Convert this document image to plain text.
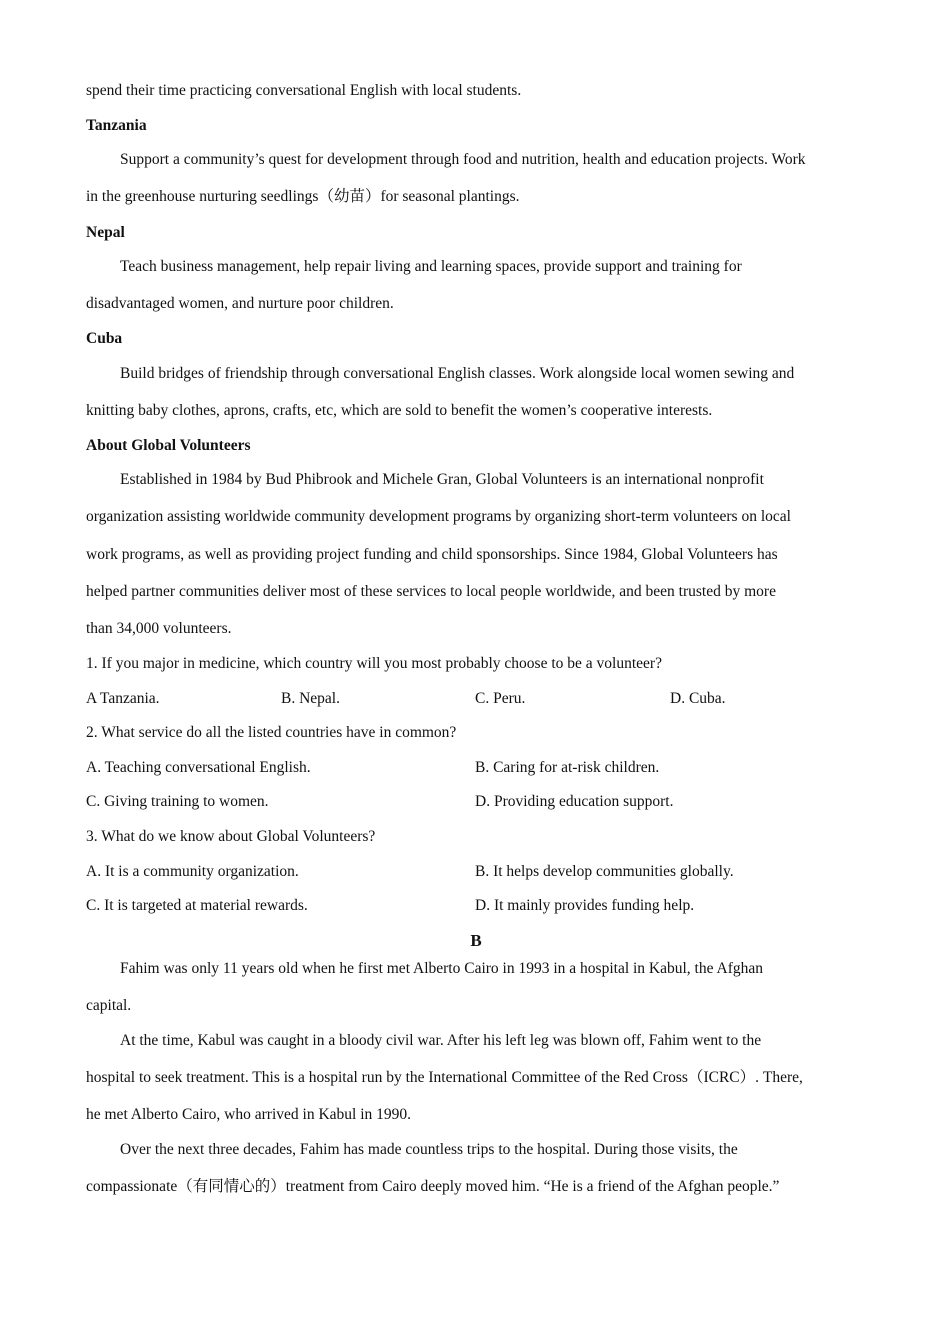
spend their time practicing conversational English with local students.
Tanzania
Support a community’s quest for development through food and nutrition, health and education projects. Work
in the greenhouse nurturing seedlings（幼苗）for seasonal plantings.
Nepal
Teach business management, help repair living and learning spaces, provide support and training for
disadvantaged women, and nurture poor children.
Cuba
Build bridges of friendship through conversational English classes. Work alongside local women sewing and
knitting baby clothes, aprons, crafts, etc, which are sold to benefit the women’s cooperative interests.
About Global Volunteers
Established in 1984 by Bud Phibrook and Michele Gran, Global Volunteers is an international nonprofit
organization assisting worldwide community development programs by organizing short-term volunteers on local
work programs, as well as providing project funding and child sponsorships. Since 1984, Global Volunteers has
helped partner communities deliver most of these services to local people worldwide, and been trusted by more
than 34,000 volunteers.
1. If you major in medicine, which country will you most probably choose to be a volunteer?
A Tanzania.	B. Nepal.	C. Peru.	D. Cuba.
2. What service do all the listed countries have in common?
A. Teaching conversational English.	B. Caring for at-risk children.
C. Giving training to women.	D. Providing education support.
3. What do we know about Global Volunteers?
A. It is a community organization.	B. It helps develop communities globally.
C. It is targeted at material rewards.	D. It mainly provides funding help.
B
Fahim was only 11 years old when he first met Alberto Cairo in 1993 in a hospital in Kabul, the Afghan
capital.
At the time, Kabul was caught in a bloody civil war. After his left leg was blown off, Fahim went to the
hospital to seek treatment. This is a hospital run by the International Committee of the Red Cross（ICRC）. There,
he met Alberto Cairo, who arrived in Kabul in 1990.
Over the next three decades, Fahim has made countless trips to the hospital. During those visits, the
compassionate（有同情心的）treatment from Cairo deeply moved him. “He is a friend of the Afghan people.”
